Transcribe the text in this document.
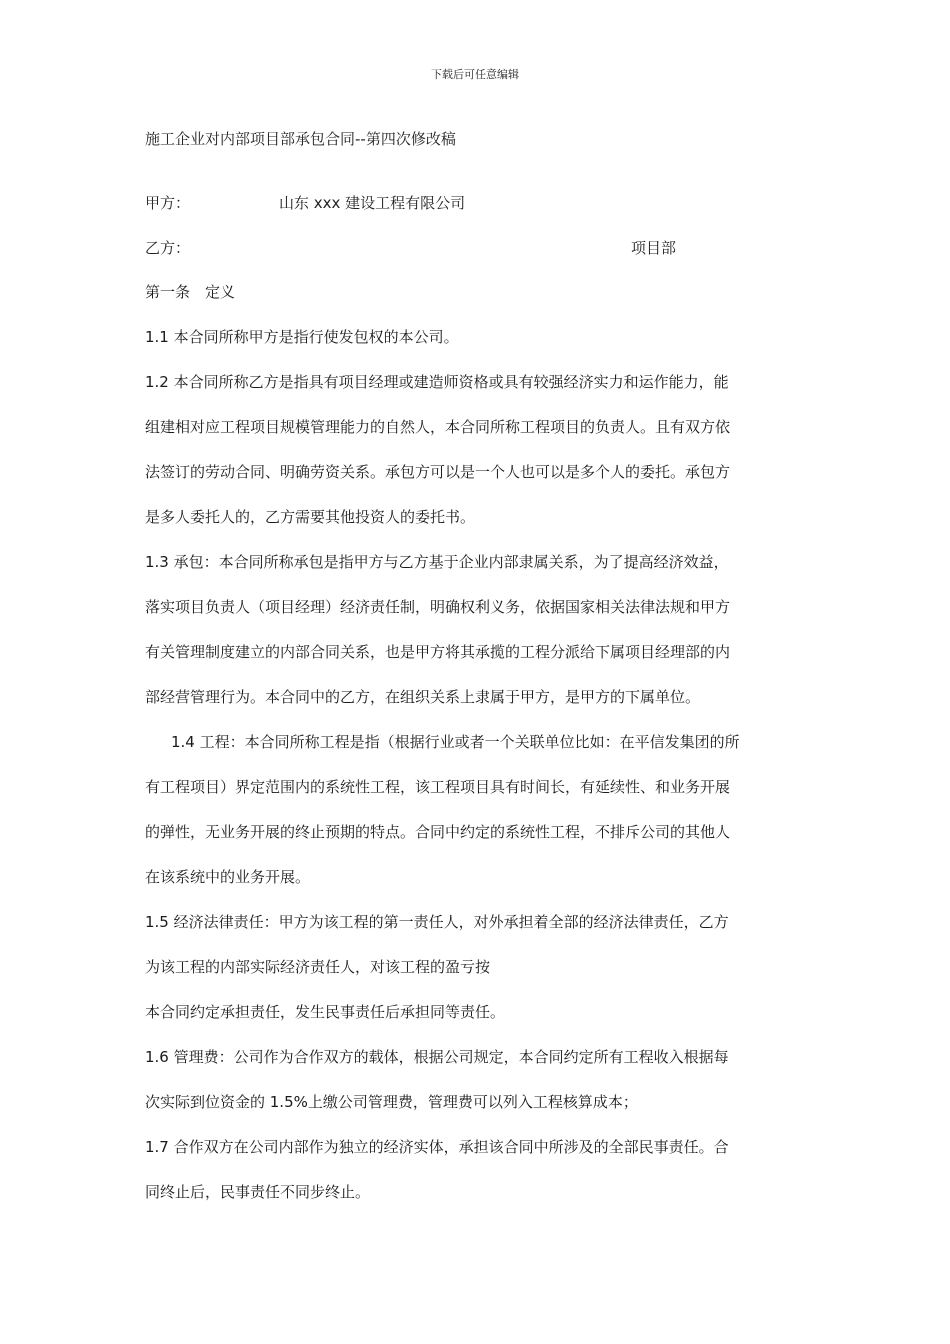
下载后可任意编辑
施工企业对内部项目部承包合同--第四次修改稿
甲方：	山东 xxx 建设工程有限公司
乙方：	项目部
第一条　定义
1.1 本合同所称甲方是指行使发包权的本公司。
1.2 本合同所称乙方是指具有项目经理或建造师资格或具有较强经济实力和运作能力，能
组建相对应工程项目规模管理能力的自然人，本合同所称工程项目的负责人。且有双方依
法签订的劳动合同、明确劳资关系。承包方可以是一个人也可以是多个人的委托。承包方
是多人委托人的，乙方需要其他投资人的委托书。
1.3 承包：本合同所称承包是指甲方与乙方基于企业内部隶属关系，为了提高经济效益，
落实项目负责人（项目经理）经济责任制，明确权利义务，依据国家相关法律法规和甲方
有关管理制度建立的内部合同关系，也是甲方将其承揽的工程分派给下属项目经理部的内
部经营管理行为。本合同中的乙方，在组织关系上隶属于甲方，是甲方的下属单位。
1.4 工程：本合同所称工程是指（根据行业或者一个关联单位比如：在平信发集团的所
有工程项目）界定范围内的系统性工程，该工程项目具有时间长，有延续性、和业务开展
的弹性，无业务开展的终止预期的特点。合同中约定的系统性工程，不排斥公司的其他人
在该系统中的业务开展。
1.5 经济法律责任：甲方为该工程的第一责任人，对外承担着全部的经济法律责任，乙方
为该工程的内部实际经济责任人，对该工程的盈亏按
本合同约定承担责任，发生民事责任后承担同等责任。
1.6 管理费：公司作为合作双方的载体，根据公司规定，本合同约定所有工程收入根据每
次实际到位资金的 1.5%上缴公司管理费，管理费可以列入工程核算成本；
1.7 合作双方在公司内部作为独立的经济实体，承担该合同中所涉及的全部民事责任。合
同终止后，民事责任不同步终止。
